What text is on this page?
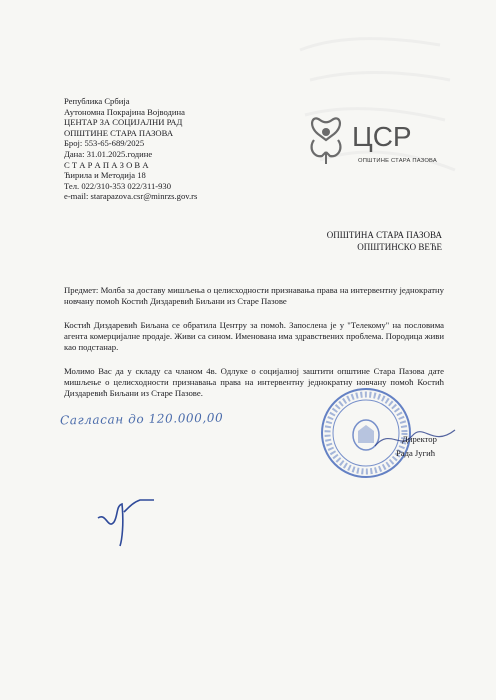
Република Србија
Аутономна Покрајина Војводина
ЦЕНТАР ЗА СОЦИЈАЛНИ РАД
ОПШТИНЕ СТАРА ПАЗОВА
Број: 553-65-689/2025
Дана: 31.01.2025.године
С Т А Р А П А З О В А
Ћирила и Методија 18
Тел. 022/310-353 022/311-930
e-mail: starapazova.csr@minrzs.gov.rs
ЦСР
ОПШТИНЕ СТАРА ПАЗОВА
ОПШТИНА СТАРА ПАЗОВА
ОПШТИНСКО ВЕЋЕ
Предмет: Молба за доставу мишљења о целисходности признавања права на интервентну једнократну новчану помоћ Костић Диздаревић Биљани из Старе Пазове
Костић Диздаревић Биљана се обратила Центру за помоћ. Запослена је у "Телекому" на пословима агента комерцијалне продаје. Живи са сином. Именована има здравствених проблема. Породица живи као подстанар.
Молимо Вас да у складу са чланом 4в. Одлуке о социјалној заштити општине Стара Пазова дате мишљење о целисходности признавања права на интервентну једнократну новчану помоћ Костић Диздаревић Биљани из Старе Пазове.
Сагласан до 120.000,00
Директор
Рада Југић
